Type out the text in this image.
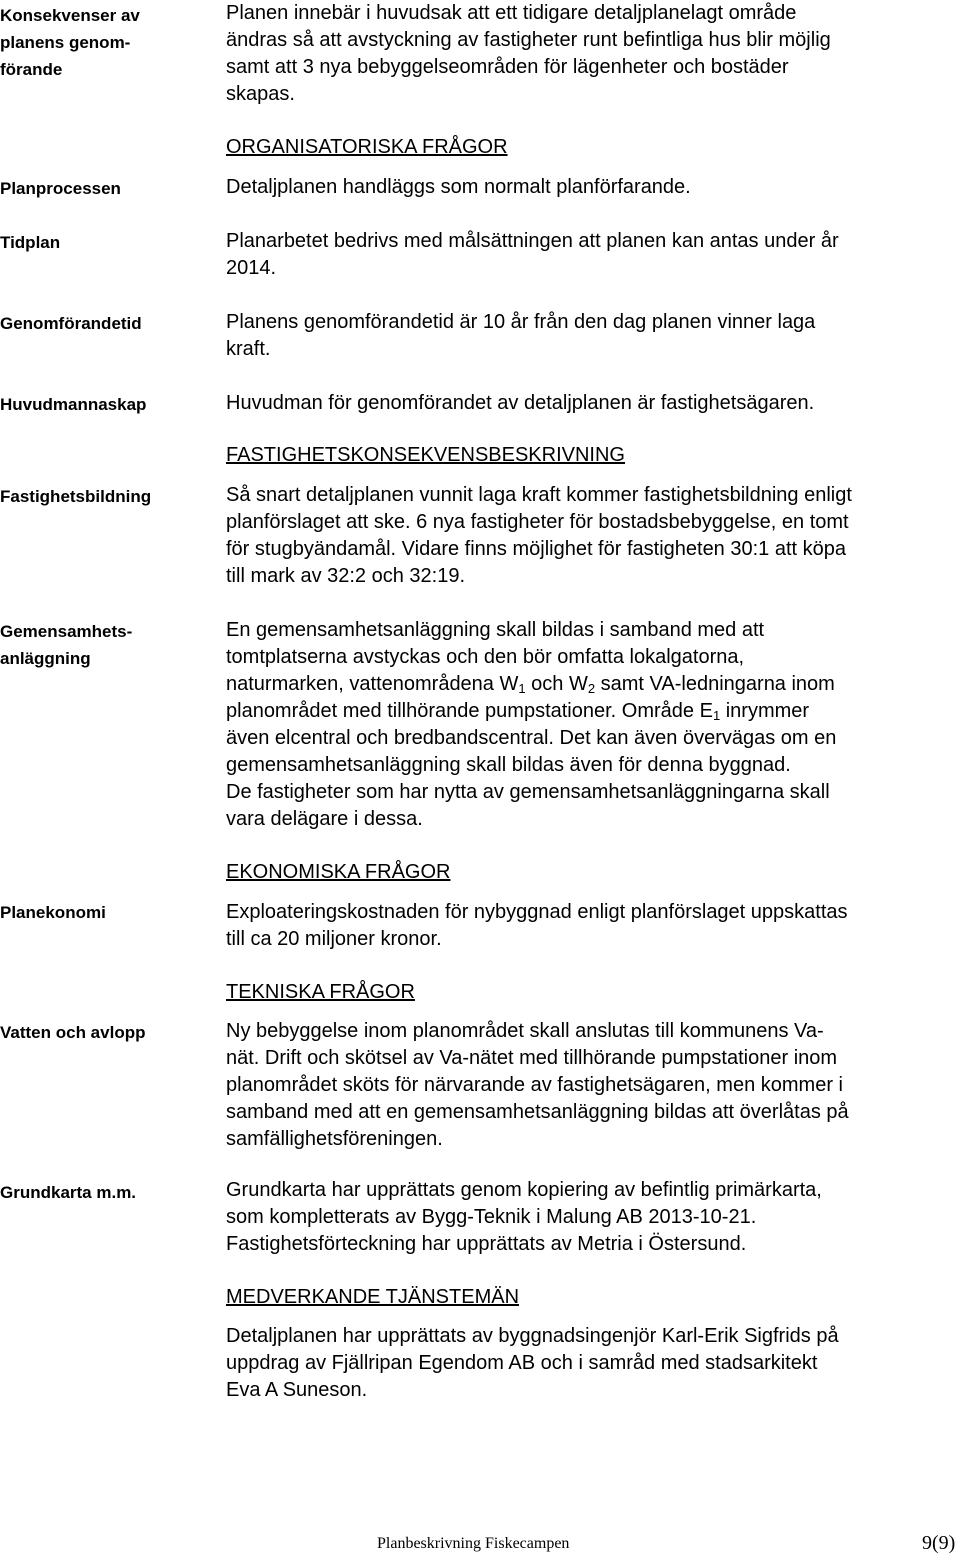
Konsekvenser av
planens genom-
förande
Planprocessen
Tidplan
Genomförandetid
Huvudmannaskap
Fastighetsbildning
Gemensamhets-
anläggning
Planekonomi
Vatten och avlopp
Grundkarta m.m.
Planen innebär i huvudsak att ett tidigare detaljplanelagt område
ändras så att avstyckning av fastigheter runt befintliga hus blir möjlig
samt att 3 nya bebyggelseområden för lägenheter och bostäder
skapas.
ORGANISATORISKA FRÅGOR
Detaljplanen handläggs som normalt planförfarande.
Planarbetet bedrivs med målsättningen att planen kan antas under år
2014.
Planens genomförandetid är 10 år från den dag planen vinner laga
kraft.
Huvudman för genomförandet av detaljplanen är fastighetsägaren.
FASTIGHETSKONSEKVENSBESKRIVNING
Så snart detaljplanen vunnit laga kraft kommer fastighetsbildning enligt
planförslaget att ske. 6 nya fastigheter för bostadsbebyggelse, en tomt
för stugbyändamål. Vidare finns möjlighet för fastigheten 30:1 att köpa
till mark av 32:2 och 32:19.
En gemensamhetsanläggning skall bildas i samband med att
tomtplatserna avstyckas och den bör omfatta lokalgatorna,
naturmarken, vattenområdena $W_1$ och $W_2$ samt VA-ledningarna inom
planområdet med tillhörande pumpstationer. Område $E_1$ inrymmer
även elcentral och bredbandscentral. Det kan även övervägas om en
gemensamhetsanläggning skall bildas även för denna byggnad.
De fastigheter som har nytta av gemensamhetsanläggningarna skall
vara delägare i dessa.
EKONOMISKA FRÅGOR
Exploateringskostnaden för nybyggnad enligt planförslaget uppskattas
till ca 20 miljoner kronor.
TEKNISKA FRÅGOR
Ny bebyggelse inom planområdet skall anslutas till kommunens Va-
nät. Drift och skötsel av Va-nätet med tillhörande pumpstationer inom
planområdet sköts för närvarande av fastighetsägaren, men kommer i
samband med att en gemensamhetsanläggning bildas att överlåtas på
samfällighetsföreningen.
Grundkarta har upprättats genom kopiering av befintlig primärkarta,
som kompletterats av Bygg-Teknik i Malung AB 2013-10-21.
Fastighetsförteckning har upprättats av Metria i Östersund.
MEDVERKANDE TJÄNSTEMÄN
Detaljplanen har upprättats av byggnadsingenjör Karl-Erik Sigfrids på
uppdrag av Fjällripan Egendom AB och i samråd med stadsarkitekt
Eva A Suneson.
Planbeskrivning Fiskecampen	9(9)
